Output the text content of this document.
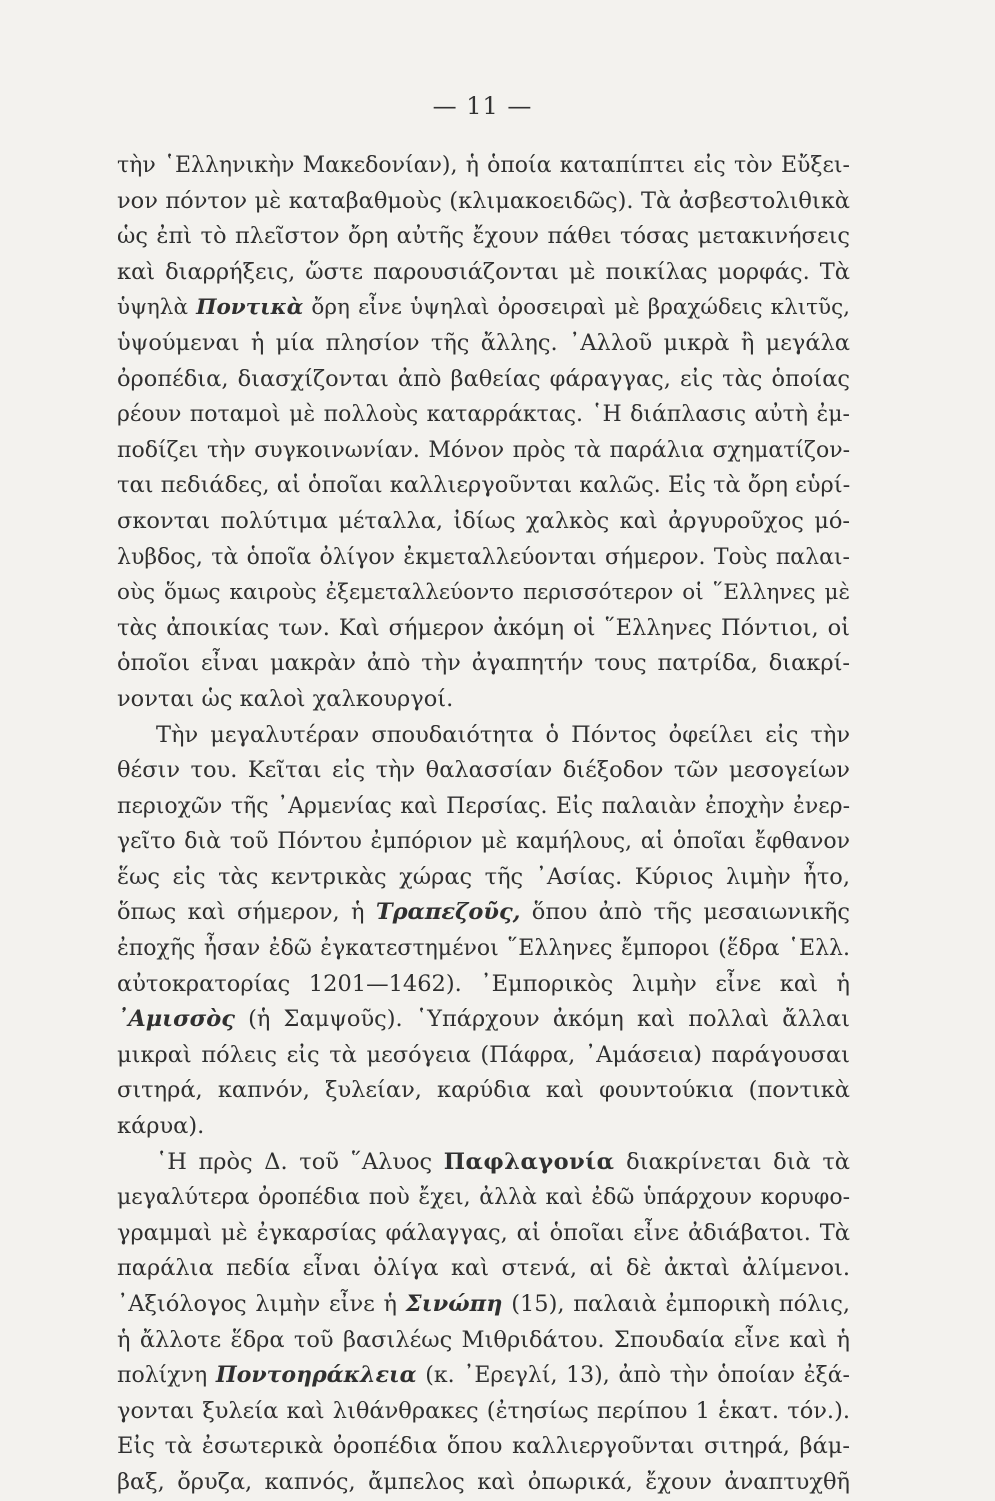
— 11 —
τὴν ῾Ελληνικὴν Μακεδονίαν), ἡ ὁποία καταπίπτει εἰς τὸν Εὔξει-
νον πόντον μὲ καταβαθμοὺς (κλιμακοειδῶς). Τὰ ἀσβεστολιθικὰ
ὡς ἐπὶ τὸ πλεῖστον ὄρη αὐτῆς ἔχουν πάθει τόσας μετακινήσεις
καὶ διαρρήξεις, ὥστε παρουσιάζονται μὲ ποικίλας μορφάς. Τὰ
ὑψηλὰ Ποντικὰ ὄρη εἶνε ὑψηλαὶ ὀροσειραὶ μὲ βραχώδεις κλιτῦς,
ὑψούμεναι ἡ μία πλησίον τῆς ἄλλης. ᾿Αλλοῦ μικρὰ ἢ μεγάλα
ὀροπέδια, διασχίζονται ἀπὸ βαθείας φάραγγας, εἰς τὰς ὁποίας
ρέουν ποταμοὶ μὲ πολλοὺς καταρράκτας. ῾Η διάπλασις αὐτὴ ἐμ-
ποδίζει τὴν συγκοινωνίαν. Μόνον πρὸς τὰ παράλια σχηματίζον-
ται πεδιάδες, αἱ ὁποῖαι καλλιεργοῦνται καλῶς. Εἰς τὰ ὄρη εὑρί-
σκονται πολύτιμα μέταλλα, ἰδίως χαλκὸς καὶ ἀργυροῦχος μό-
λυβδος, τὰ ὁποῖα ὀλίγον ἐκμεταλλεύονται σήμερον. Τοὺς παλαι-
οὺς ὅμως καιροὺς ἐξεμεταλλεύοντο περισσότερον οἱ ῞Ελληνες μὲ
τὰς ἀποικίας των. Καὶ σήμερον ἀκόμη οἱ ῞Ελληνες Πόντιοι, οἱ
ὁποῖοι εἶναι μακρὰν ἀπὸ τὴν ἀγαπητήν τους πατρίδα, διακρί-
νονται ὡς καλοὶ χαλκουργοί.
Τὴν μεγαλυτέραν σπουδαιότητα ὁ Πόντος ὀφείλει εἰς τὴν
θέσιν του. Κεῖται εἰς τὴν θαλασσίαν διέξοδον τῶν μεσογείων
περιοχῶν τῆς ᾿Αρμενίας καὶ Περσίας. Εἰς παλαιὰν ἐποχὴν ἐνερ-
γεῖτο διὰ τοῦ Πόντου ἐμπόριον μὲ καμήλους, αἱ ὁποῖαι ἔφθανον
ἕως εἰς τὰς κεντρικὰς χώρας τῆς ᾿Ασίας. Κύριος λιμὴν ἦτο,
ὅπως καὶ σήμερον, ἡ Τραπεζοῦς, ὅπου ἀπὸ τῆς μεσαιωνικῆς
ἐποχῆς ἦσαν ἐδῶ ἐγκατεστημένοι ῞Ελληνες ἔμποροι (ἕδρα ῾Ελλ.
αὐτοκρατορίας 1201—1462). ᾿Εμπορικὸς λιμὴν εἶνε καὶ ἡ
᾿Αμισσὸς (ἡ Σαμψοῦς). ῾Υπάρχουν ἀκόμη καὶ πολλαὶ ἄλλαι
μικραὶ πόλεις εἰς τὰ μεσόγεια (Πάφρα, ᾿Αμάσεια) παράγουσαι
σιτηρά, καπνόν, ξυλείαν, καρύδια καὶ φουντούκια (ποντικὰ
κάρυα).
῾Η πρὸς Δ. τοῦ ῞Αλυος Παφλαγονία διακρίνεται διὰ τὰ
μεγαλύτερα ὀροπέδια ποὺ ἔχει, ἀλλὰ καὶ ἐδῶ ὑπάρχουν κορυφο-
γραμμαὶ μὲ ἐγκαρσίας φάλαγγας, αἱ ὁποῖαι εἶνε ἀδιάβατοι. Τὰ
παράλια πεδία εἶναι ὀλίγα καὶ στενά, αἱ δὲ ἀκταὶ ἀλίμενοι.
᾿Αξιόλογος λιμὴν εἶνε ἡ Σινώπη (15), παλαιὰ ἐμπορικὴ πόλις,
ἡ ἄλλοτε ἕδρα τοῦ βασιλέως Μιθριδάτου. Σπουδαία εἶνε καὶ ἡ
πολίχνη Ποντοηράκλεια (κ. ᾿Ερεγλί, 13), ἀπὸ τὴν ὁποίαν ἐξά-
γονται ξυλεία καὶ λιθάνθρακες (ἐτησίως περίπου 1 ἑκατ. τόν.).
Εἰς τὰ ἐσωτερικὰ ὀροπέδια ὅπου καλλιεργοῦνται σιτηρά, βάμ-
βαξ, ὄρυζα, καπνός, ἄμπελος καὶ ὀπωρικά, ἔχουν ἀναπτυχθῆ
